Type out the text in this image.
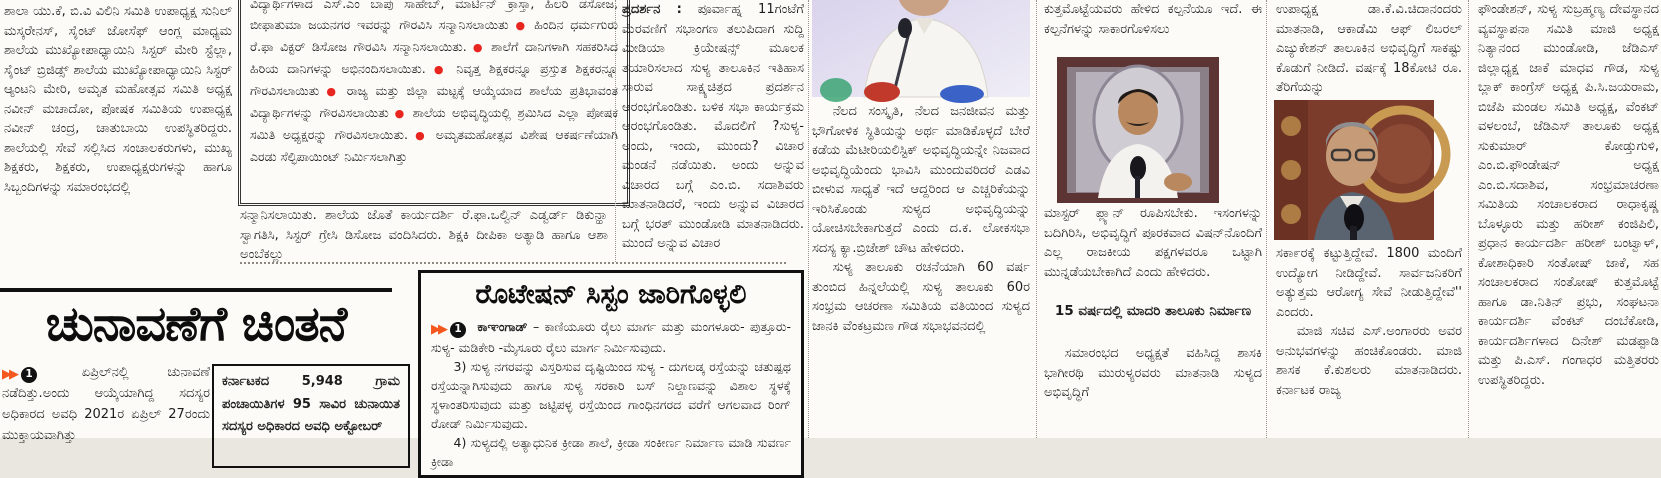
ಶಾಲಾ ಯು.ಕೆ, ಬಿ.ವಿ ವಿಲಿನಿ ಸಮಿತಿ ಉಪಾಧ್ಯಕ್ಷ ಸುನಿಲ್ ಮಸ್ಕರೇನಸ್, ಸೈಂಟ್ ಜೋಸೆಫ್ ಆಂಗ್ಲ ಮಾಧ್ಯಮ ಶಾಲೆಯ ಮುಖ್ಯೋಪಾಧ್ಯಾಯಿನಿ ಸಿಸ್ಟರ್ ಮೇರಿ ಸ್ಟೆಲ್ಲಾ, ಸೈಂಟ್ ಬ್ರಿಜಿಡ್ಸ್ ಶಾಲೆಯ ಮುಖ್ಯೋಪಾಧ್ಯಾಯಿನಿ ಸಿಸ್ಟರ್ ಆ್ಯಂಟನಿ ಮೇರಿ, ಅಮೃತ ಮಹೋತ್ಸವ ಸಮಿತಿ ಅಧ್ಯಕ್ಷ ನವೀನ್ ಮಚಾದೋ, ಪೋಷಕ ಸಮಿತಿಯ ಉಪಾಧ್ಯಕ್ಷ ನವೀನ್ ಚಂದ್ರ, ಚಾತುಬಾಯಿ ಉಪಸ್ಥಿತರಿದ್ದರು. ಶಾಲೆಯಲ್ಲಿ ಸೇವೆ ಸಲ್ಲಿಸಿದ ಸಂಚಾಲಕರುಗಳು, ಮುಖ್ಯ ಶಿಕ್ಷಕರು, ಶಿಕ್ಷಕರು, ಉಪಾಧ್ಯಕ್ಷರುಗಳನ್ನು ಹಾಗೂ ಸಿಬ್ಬಂದಿಗಳನ್ನು ಸಮಾರಂಭದಲ್ಲಿ

ವಿದ್ಯಾರ್ಥಿಗಳಾದ ಎಸ್.ಎಂ ಬಾಪು ಸಾಹೇಬ್, ಮಾರ್ಟಿನ್ ಕ್ರಾಸ್ತಾ, ಹಿಲರಿ ಡಸೋಜ, ಬೀಫಾತುಮಾ ಜಯನಗರ ಇವರನ್ನು ಗೌರವಿಸಿ ಸನ್ಮಾನಿಸಲಾಯಿತು ● ಹಿಂದಿನ ಧರ್ಮಗುರು ರೆ.ಫಾ ವಿಕ್ಟರ್ ಡಿಸೋಜ ಗೌರವಿಸಿ ಸನ್ಮಾನಿಸಲಾಯಿತು. ● ಶಾಲೆಗೆ ದಾನಿಗಳಾಗಿ ಸಹಕರಿಸಿದ ಹಿರಿಯ ದಾನಿಗಳನ್ನು ಅಭಿನಂದಿಸಲಾಯಿತು. ● ನಿವೃತ್ತ ಶಿಕ್ಷಕರನ್ನೂ ಪ್ರಸ್ತುತ ಶಿಕ್ಷಕರನ್ನೂ ಗೌರವಿಸಲಾಯಿತು ● ರಾಜ್ಯ ಮತ್ತು ಜಿಲ್ಲಾ ಮಟ್ಟಕ್ಕೆ ಆಯ್ಕೆಯಾದ ಶಾಲೆಯ ಪ್ರತಿಭಾವಂತ ವಿದ್ಯಾರ್ಥಿಗಳನ್ನು ಗೌರವಿಸಲಾಯಿತು ● ಶಾಲೆಯ ಅಭಿವೃದ್ಧಿಯಲ್ಲಿ ಶ್ರಮಿಸಿದ ಎಲ್ಲಾ ಪೋಷಕ ಸಮಿತಿ ಅಧ್ಯಕ್ಷರನ್ನು ಗೌರವಿಸಲಾಯಿತು. ● ಅಮೃತಮಹೋತ್ಸವ ವಿಶೇಷ ಆಕರ್ಷಣೆಯಾಗಿ ಎರಡು ಸೆಲ್ಫಿಪಾಯಿಂಟ್ ನಿರ್ಮಿಸಲಾಗಿತ್ತು

ಸನ್ಮಾನಿಸಲಾಯಿತು. ಶಾಲೆಯ ಜೊತೆ ಕಾರ್ಯದರ್ಶಿ ರೆ.ಫಾ.ಒಲ್ವಿನ್ ಎಡ್ವರ್ಡ್ ಡಿಕುನ್ಹಾ ಸ್ವಾಗತಿಸಿ, ಸಿಸ್ಟರ್ ಗ್ರೇಸಿ ಡಿಸೋಜ ವಂದಿಸಿದರು. ಶಿಕ್ಷಕಿ ದೀಪಿಕಾ ಅತ್ಯಾಡಿ ಹಾಗೂ ಆಶಾ ಅಂಬೆಕಲ್ಲು

ಚುನಾವಣೆಗೆ ಚಿಂತನೆ
▶▶ 1	ಏಪ್ರಿಲ್‌ನಲ್ಲಿ ಚುನಾವಣೆ ನಡೆದಿತ್ತು.ಅಂದು ಆಯ್ಕೆಯಾಗಿದ್ದ ಸದಸ್ಯರ ಅಧಿಕಾರದ ಅವಧಿ 2021ರ ಏಪ್ರಿಲ್ 27ರಂದು ಮುಕ್ತಾಯವಾಗಿತ್ತು
ಕರ್ನಾಟಕದ 5,948 ಗ್ರಾಮ ಪಂಚಾಯಿತಿಗಳ 95 ಸಾವಿರ ಚುನಾಯಿತ ಸದಸ್ಯರ ಅಧಿಕಾರದ ಅವಧಿ ಅಕ್ಟೋಬರ್
ರೊಟೇಷನ್ ಸಿಸ್ಟಂ ಜಾರಿಗೊಳ್ಳಲಿ

▶▶ 1	ಕಾಞಂಗಾಡ್ – ಕಾಣಿಯೂರು ರೈಲು ಮಾರ್ಗ ಮತ್ತು ಮಂಗಳೂರು- ಪುತ್ತೂರು- ಸುಳ್ಯ- ಮಡಿಕೇರಿ -ಮೈಸೂರು ರೈಲು ಮಾರ್ಗ ನಿರ್ಮಿಸುವುದು.

3) ಸುಳ್ಯ ನಗರವನ್ನು ವಿಸ್ತರಿಸುವ ದೃಷ್ಟಿಯಿಂದ ಸುಳ್ಯ - ದುಗಲಡ್ಕ ರಸ್ತೆಯನ್ನು ಚತುಷ್ಪಥ ರಸ್ತೆಯನ್ನಾಗಿಸುವುದು ಹಾಗೂ ಸುಳ್ಯ ಸರಕಾರಿ ಬಸ್ ನಿಲ್ದಾಣವನ್ನು ವಿಶಾಲ ಸ್ಥಳಕ್ಕೆ ಸ್ಥಳಾಂತರಿಸುವುದು ಮತ್ತು ಜಟ್ಟಿಪಳ್ಳ ರಸ್ತೆಯಿಂದ ಗಾಂಧಿನಗರದ ವರೆಗೆ ಆಗಲವಾದ ರಿಂಗ್ ರೋಡ್ ನಿರ್ಮಿಸುವುದು.

4) ಸುಳ್ಯದಲ್ಲಿ ಅತ್ಯಾಧುನಿಕ ಕ್ರೀಡಾ ಶಾಲೆ, ಕ್ರೀಡಾ ಸಂಕೀರ್ಣ ನಿರ್ಮಾಣ ಮಾಡಿ ಸುವರ್ಣ ಕ್ರೀಡಾ

ಪ್ರದರ್ಶನ : ಪೂರ್ವಾಹ್ನ 11ಗಂಟೆಗೆ ಮೆರವಣಿಗೆ ಸಭಾಂಗಣ ತಲುಪಿದಾಗ ಸುದ್ದಿ ಮೀಡಿಯಾ ಕ್ರಿಯೇಷನ್ಸ್ ಮೂಲಕ ತಯಾರಿಸಲಾದ ಸುಳ್ಯ ತಾಲೂಕಿನ ಇತಿಹಾಸ ಸಾರುವ ಸಾಕ್ಷ್ಯಚಿತ್ರದ ಪ್ರದರ್ಶನ ಆರಂಭಗೊಂಡಿತು. ಬಳಿಕ ಸಭಾ ಕಾರ್ಯಕ್ರಮ ಆರಂಭಗೊಂಡಿತು. ಮೊದಲಿಗೆ ?ಸುಳ್ಯ-ಅಂದು, ಇಂದು, ಮುಂದು? ವಿಚಾರ ಮಂಡನೆ ನಡೆಯಿತು. ಅಂದು ಅನ್ನುವ ವಿಚಾರದ ಬಗ್ಗೆ ಎಂ.ಬಿ. ಸದಾಶಿವರು ಮಾತನಾಡಿದರೆ, ಇಂದು ಅನ್ನುವ ವಿಚಾರದ ಬಗ್ಗೆ ಭರತ್ ಮುಂಡೋಡಿ ಮಾತನಾಡಿದರು. ಮುಂದೆ ಅನ್ನುವ ವಿಚಾರ

ನೆಲದ ಸಂಸ್ಕೃತಿ, ನೆಲದ ಜನಜೀವನ ಮತ್ತು ಭೌಗೋಳಿಕ ಸ್ಥಿತಿಯನ್ನು ಅರ್ಥ ಮಾಡಿಕೊಳ್ಳದೆ ಬೇರೆ ಕಡೆಯ ಮೆಟೀರಿಯಲಿಸ್ಟಿಕ್ ಅಭಿವೃದ್ಧಿಯನ್ನೇ ನಿಜವಾದ ಅಭಿವೃದ್ಧಿಯೆಂದು ಭಾವಿಸಿ ಮುಂದುವರಿದರೆ ಎಡವಿ ಬೀಳುವ ಸಾಧ್ಯತೆ ಇದೆ ಆದ್ದರಿಂದ ಆ ಎಚ್ಚರಿಕೆಯನ್ನು ಇರಿಸಿಕೊಂಡು ಸುಳ್ಯದ ಅಭಿವೃದ್ಧಿಯನ್ನು ಯೋಚಿಸಬೇಕಾಗುತ್ತದೆ ಎಂದು ದ.ಕ. ಲೋಕಸಭಾ ಸದಸ್ಯ ಕ್ಯಾ.ಬ್ರಿಜೇಶ್ ಚೌಟ ಹೇಳಿದರು.

ಸುಳ್ಯ ತಾಲೂಕು ರಚನೆಯಾಗಿ 60 ವರ್ಷ ತುಂಬಿದ ಹಿನ್ನಲೆಯಲ್ಲಿ ಸುಳ್ಯ ತಾಲೂಕು 60ರ ಸಂಭ್ರಮ ಆಚರಣಾ ಸಮಿತಿಯ ವತಿಯಿಂದ ಸುಳ್ಯದ ಜಾನಕಿ ವೆಂಕಟ್ರಮಣ ಗೌಡ ಸಭಾಭವನದಲ್ಲಿ

ಕುತ್ತಮೊಟ್ಟೆಯವರು ಹೇಳಿದ ಕಲ್ಪನೆಯೂ ಇದೆ. ಈ ಕಲ್ಪನೆಗಳನ್ನು ಸಾಕಾರಗೊಳಿಸಲು

ಮಾಸ್ಟರ್ ಪ್ಲ್ಯಾನ್ ರೂಪಿಸಬೇಕು. ಇಸಂಗಳನ್ನು ಬದಿಗಿರಿಸಿ, ಅಭಿವೃದ್ಧಿಗೆ ಪೂರಕವಾದ ವಿಷನ್‌ನೊಂದಿಗೆ ಎಲ್ಲ ರಾಜಕೀಯ ಪಕ್ಷಗಳವರೂ ಒಟ್ಟಾಗಿ ಮುನ್ನಡೆಯಬೇಕಾಗಿದೆ ಎಂದು ಹೇಳಿದರು.

15 ವರ್ಷದಲ್ಲಿ ಮಾದರಿ ತಾಲೂಕು ನಿರ್ಮಾಣ

ಸಮಾರಂಭದ ಅಧ್ಯಕ್ಷತೆ ವಹಿಸಿದ್ದ ಶಾಸಕಿ ಭಾಗೀರಥಿ ಮುರುಳ್ಯರವರು ಮಾತನಾಡಿ ಸುಳ್ಯದ ಅಭಿವೃದ್ಧಿಗೆ

ಉಪಾಧ್ಯಕ್ಷ ಡಾ.ಕೆ.ವಿ.ಚಿದಾನಂದರು ಮಾತನಾಡಿ, ಆಕಾಡೆಮಿ ಆಫ್ ಲಿಬರಲ್ ಎಜ್ಯುಕೇಶನ್ ತಾಲೂಕಿನ ಅಭಿವೃದ್ಧಿಗೆ ಸಾಕಷ್ಟು ಕೊಡುಗೆ ನೀಡಿದೆ. ವರ್ಷಕ್ಕೆ 18ಕೋಟಿ ರೂ. ತೆರಿಗೆಯನ್ನು

ಸಕಾ೯ರಕ್ಕೆ ಕಟ್ಟುತ್ತಿದ್ದೇವೆ. 1800 ಮಂದಿಗೆ ಉದ್ಯೋಗ ನೀಡಿದ್ದೇವೆ. ಸಾರ್ವಜನಿಕರಿಗೆ ಅತ್ಯುತ್ತಮ ಆರೋಗ್ಯ ಸೇವೆ ನೀಡುತ್ತಿದ್ದೇವೆ'' ಎಂದರು.

ಮಾಜಿ ಸಚಿವ ಎಸ್.ಅಂಗಾರರು ಅವರ ಅನುಭವಗಳನ್ನು ಹಂಚಿಕೊಂಡರು. ಮಾಜಿ ಶಾಸಕ ಕೆ.ಕುಶಲರು ಮಾತನಾಡಿದರು. ಕರ್ನಾಟಕ ರಾಜ್ಯ

ಫೌಂಡೇಶನ್, ಸುಳ್ಯ ಸುಬ್ರಹ್ಮಣ್ಯ ದೇವಸ್ಥಾನದ ವ್ಯವಸ್ಥಾಪನಾ ಸಮಿತಿ ಮಾಜಿ ಅಧ್ಯಕ್ಷ ನಿತ್ಯಾನಂದ ಮುಂಡೋಡಿ, ಜೆಡಿಎಸ್ ಜಿಲ್ಲಾಧ್ಯಕ್ಷ ಜಾಕೆ ಮಾಧವ ಗೌಡ, ಸುಳ್ಯ ಬ್ಲಾಕ್ ಕಾಂಗ್ರೆಸ್ ಅಧ್ಯಕ್ಷ ಪಿ.ಸಿ.ಜಯರಾಮ, ಬಿಜೆಪಿ ಮಂಡಲ ಸಮಿತಿ ಅಧ್ಯಕ್ಷ, ವೆಂಕಟ್ ವಳಲಂಬೆ, ಜೆಡಿಎಸ್ ತಾಲೂಕು ಅಧ್ಯಕ್ಷ ಸುಕುಮಾರ್ ಕೋಡ್ತುಗುಳಿ, ಎಂ.ಬಿ.ಫೌಂಡೇಷನ್ ಅಧ್ಯಕ್ಷ ಎಂ.ಬಿ.ಸದಾಶಿವ, ಸಂಭ್ರಮಾಚರಣಾ ಸಮಿತಿಯ ಸಂಚಾಲಕರಾದ ರಾಧಾಕೃಷ್ಣ ಬೊಳ್ಳೂರು ಮತ್ತು ಹರೀಶ್ ಕಂಜಿಪಿಲಿ, ಪ್ರಧಾನ ಕಾರ್ಯದರ್ಶಿ ಹರೀಶ್ ಬಂಟ್ವಾಳ್, ಕೋಶಾಧಿಕಾರಿ ಸಂತೋಷ್ ಜಾಕೆ, ಸಹ ಸಂಚಾಲಕರಾದ ಸಂತೋಷ್ ಕುತ್ತಮೊಟ್ಟೆ ಹಾಗೂ ಡಾ.ನಿತಿನ್ ಪ್ರಭು, ಸಂಘಟನಾ ಕಾರ್ಯದರ್ಶಿ ವೆಂಕಟ್ ದಂಬೆಕೋಡಿ, ಕಾರ್ಯದರ್ಶಿಗಳಾದ ದಿನೇಶ್ ಮಡಪ್ಪಾಡಿ ಮತ್ತು ಪಿ.ಎಸ್. ಗಂಗಾಧರ ಮತ್ತಿತರರು ಉಪಸ್ಥಿತರಿದ್ದರು.
